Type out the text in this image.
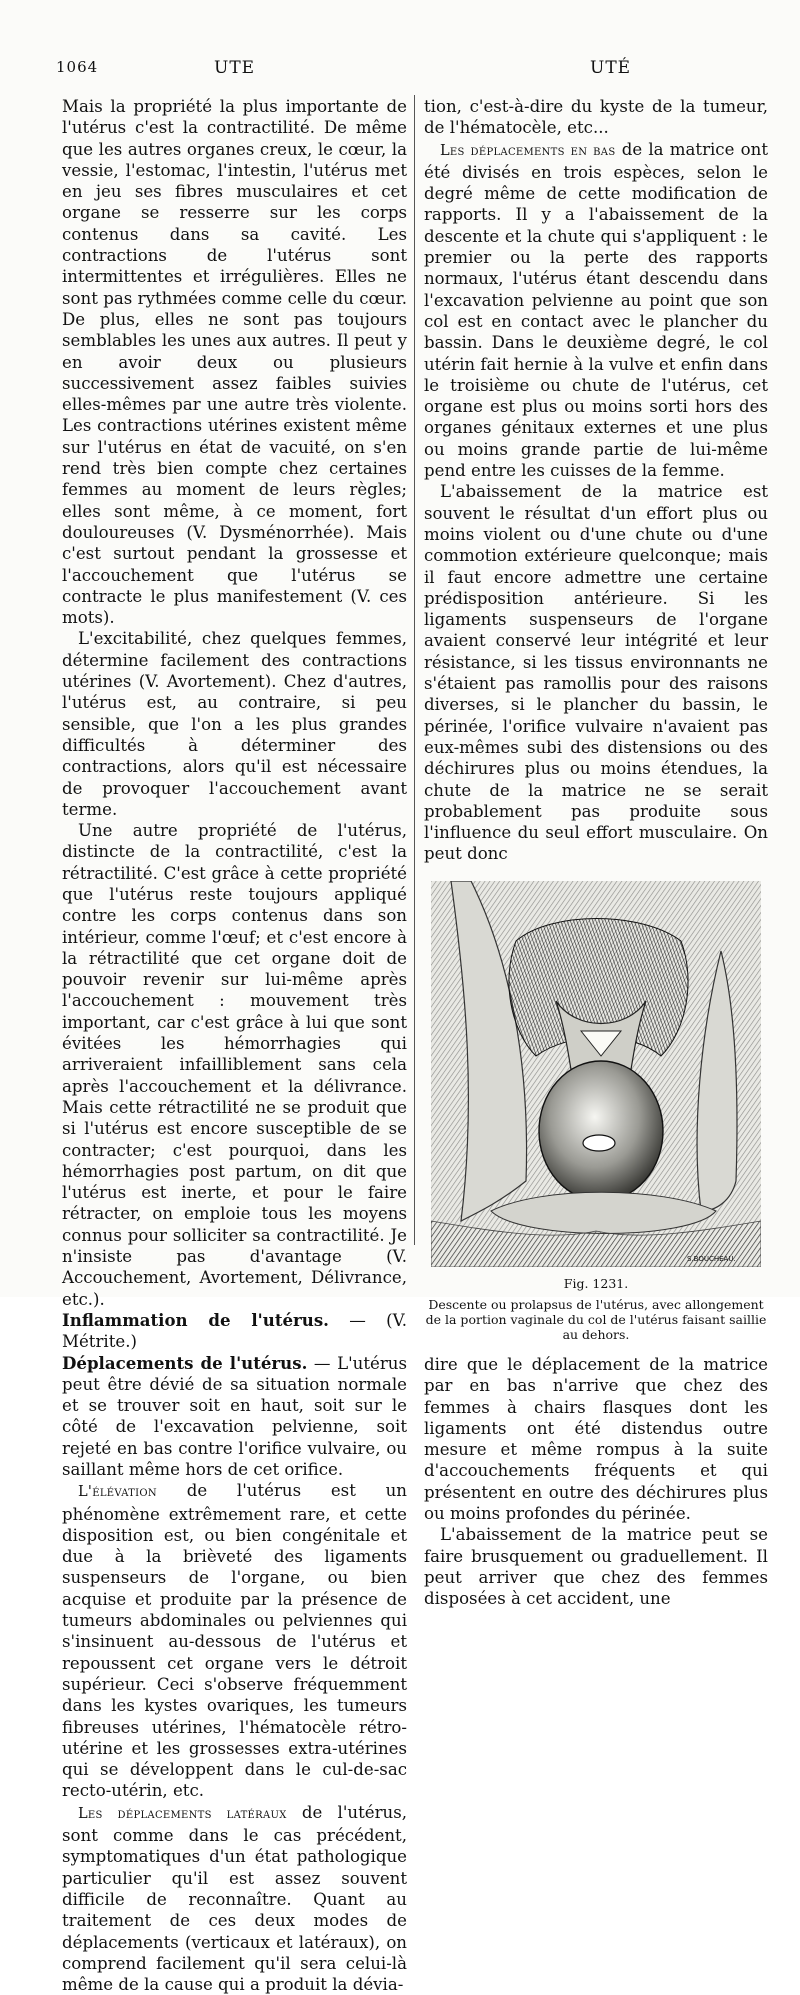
1064	UTE	UTÉ

Mais la propriété la plus importante de l'utérus c'est la contractilité. De même que les autres organes creux, le cœur, la vessie, l'estomac, l'intestin, l'utérus met en jeu ses fibres musculaires et cet organe se resserre sur les corps contenus dans sa cavité. Les contractions de l'utérus sont intermittentes et irrégulières. Elles ne sont pas rythmées comme celle du cœur. De plus, elles ne sont pas toujours semblables les unes aux autres. Il peut y en avoir deux ou plusieurs successivement assez faibles suivies elles-mêmes par une autre très violente. Les contractions utérines existent même sur l'utérus en état de vacuité, on s'en rend très bien compte chez certaines femmes au moment de leurs règles; elles sont même, à ce moment, fort douloureuses (V. Dysménorrhée). Mais c'est surtout pendant la grossesse et l'accouchement que l'utérus se contracte le plus manifestement (V. ces mots).

L'excitabilité, chez quelques femmes, détermine facilement des contractions utérines (V. Avortement). Chez d'autres, l'utérus est, au contraire, si peu sensible, que l'on a les plus grandes difficultés à déterminer des contractions, alors qu'il est nécessaire de provoquer l'accouchement avant terme.

Une autre propriété de l'utérus, distincte de la contractilité, c'est la rétractilité. C'est grâce à cette propriété que l'utérus reste toujours appliqué contre les corps contenus dans son intérieur, comme l'œuf; et c'est encore à la rétractilité que cet organe doit de pouvoir revenir sur lui-même après l'accouchement : mouvement très important, car c'est grâce à lui que sont évitées les hémorrhagies qui arriveraient infailliblement sans cela après l'accouchement et la délivrance. Mais cette rétractilité ne se produit que si l'utérus est encore susceptible de se contracter; c'est pourquoi, dans les hémorrhagies post partum, on dit que l'utérus est inerte, et pour le faire rétracter, on emploie tous les moyens connus pour solliciter sa contractilité. Je n'insiste pas d'avantage (V. Accouchement, Avortement, Délivrance, etc.).

Inflammation de l'utérus. — (V. Métrite.)

Déplacements de l'utérus. — L'utérus peut être dévié de sa situation normale et se trouver soit en haut, soit sur le côté de l'excavation pelvienne, soit rejeté en bas contre l'orifice vulvaire, ou saillant même hors de cet orifice.

L'élévation de l'utérus est un phénomène extrêmement rare, et cette disposition est, ou bien congénitale et due à la brièveté des ligaments suspenseurs de l'organe, ou bien acquise et produite par la présence de tumeurs abdominales ou pelviennes qui s'insinuent au-dessous de l'utérus et repoussent cet organe vers le détroit supérieur. Ceci s'observe fréquemment dans les kystes ovariques, les tumeurs fibreuses utérines, l'hématocèle rétro-utérine et les grossesses extra-utérines qui se développent dans le cul-de-sac recto-utérin, etc.

Les déplacements latéraux de l'utérus, sont comme dans le cas précédent, symptomatiques d'un état pathologique particulier qu'il est assez souvent difficile de reconnaître. Quant au traitement de ces deux modes de déplacements (verticaux et latéraux), on comprend facilement qu'il sera celui-là même de la cause qui a produit la dévia-

tion, c'est-à-dire du kyste de la tumeur, de l'hématocèle, etc...

Les déplacements en bas de la matrice ont été divisés en trois espèces, selon le degré même de cette modification de rapports. Il y a l'abaissement de la descente et la chute qui s'appliquent : le premier ou la perte des rapports normaux, l'utérus étant descendu dans l'excavation pelvienne au point que son col est en contact avec le plancher du bassin. Dans le deuxième degré, le col utérin fait hernie à la vulve et enfin dans le troisième ou chute de l'utérus, cet organe est plus ou moins sorti hors des organes génitaux externes et une plus ou moins grande partie de lui-même pend entre les cuisses de la femme.

L'abaissement de la matrice est souvent le résultat d'un effort plus ou moins violent ou d'une chute ou d'une commotion extérieure quelconque; mais il faut encore admettre une certaine prédisposition antérieure. Si les ligaments suspenseurs de l'organe avaient conservé leur intégrité et leur résistance, si les tissus environnants ne s'étaient pas ramollis pour des raisons diverses, si le plancher du bassin, le périnée, l'orifice vulvaire n'avaient pas eux-mêmes subi des distensions ou des déchirures plus ou moins étendues, la chute de la matrice ne se serait probablement pas produite sous l'influence du seul effort musculaire. On peut donc

S.BOUCHEAU.
Fig. 1231.
Descente ou prolapsus de l'utérus, avec allongement de la portion vaginale du col de l'utérus faisant saillie au dehors.

dire que le déplacement de la matrice par en bas n'arrive que chez des femmes à chairs flasques dont les ligaments ont été distendus outre mesure et même rompus à la suite d'accouchements fréquents et qui présentent en outre des déchirures plus ou moins profondes du périnée.

L'abaissement de la matrice peut se faire brusquement ou graduellement. Il peut arriver que chez des femmes disposées à cet accident, une
